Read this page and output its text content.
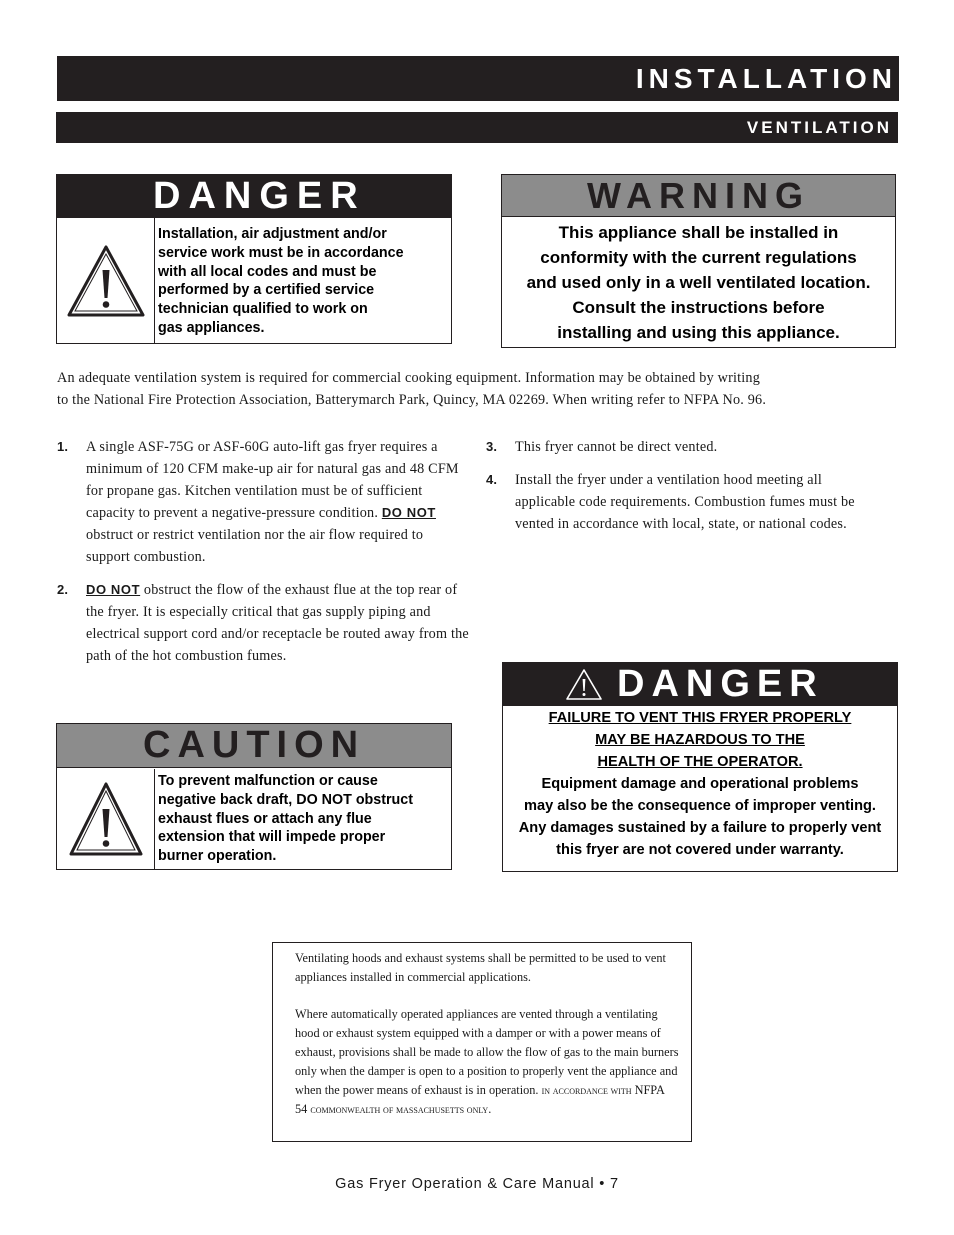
INSTALLATION
VENTILATION
DANGER
Installation, air adjustment and/or
service work must be in accordance
with all local codes and must be
performed by a certified service
technician qualified to work on
gas appliances.
WARNING
This appliance shall be installed in
conformity with the current regulations
and used only in a well ventilated location.
Consult the instructions before
installing and using this appliance.
An adequate ventilation system is required for commercial cooking equipment. Information may be obtained by writing
to the National Fire Protection Association, Batterymarch Park, Quincy, MA 02269. When writing refer to NFPA No. 96.
1. A single ASF-75G or ASF-60G auto-lift gas fryer requires a minimum of 120 CFM make-up air for natural gas and 48 CFM for propane gas. Kitchen ventilation must be of sufficient capacity to prevent a negative-pressure condition. DO NOT obstruct or restrict ventilation nor the air flow required to support combustion.
2. DO NOT obstruct the flow of the exhaust flue at the top rear of the fryer. It is especially critical that gas supply piping and electrical support cord and/or receptacle be routed away from the path of the hot combustion fumes.
3. This fryer cannot be direct vented.
4. Install the fryer under a ventilation hood meeting all applicable code requirements. Combustion fumes must be vented in accordance with local, state, or national codes.
DANGER
FAILURE TO VENT THIS FRYER PROPERLY
MAY BE HAZARDOUS TO THE
HEALTH OF THE OPERATOR.
Equipment damage and operational problems
may also be the consequence of improper venting.
Any damages sustained by a failure to properly vent
this fryer are not covered under warranty.
CAUTION
To prevent malfunction or cause
negative back draft, DO NOT obstruct
exhaust flues or attach any flue
extension that will impede proper
burner operation.

Ventilating hoods and exhaust systems shall be permitted to be used to vent appliances installed in commercial applications.

Where automatically operated appliances are vented through a ventilating hood or exhaust system equipped with a damper or with a power means of exhaust, provisions shall be made to allow the flow of gas to the main burners only when the damper is open to a position to properly vent the appliance and when the power means of exhaust is in operation. in accordance with NFPA 54 commonwealth of massachusetts only.

Gas Fryer Operation & Care Manual • 7
